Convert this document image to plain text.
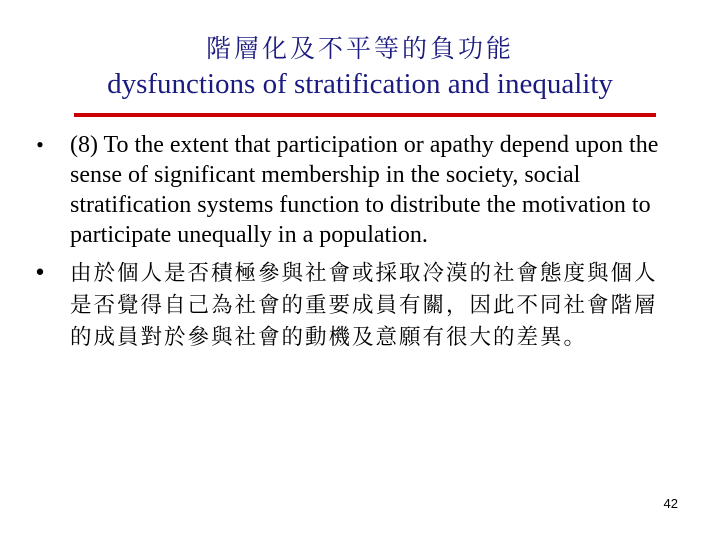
階層化及不平等的負功能
dysfunctions of stratification and inequality
• (8) To the extent that participation or apathy depend upon the sense of significant membership in the society, social stratification systems function to distribute the motivation to participate unequally in a population.
• 由於個人是否積極參與社會或採取冷漠的社會態度與個人是否覺得自己為社會的重要成員有關，因此不同社會階層的成員對於參與社會的動機及意願有很大的差異。
42
